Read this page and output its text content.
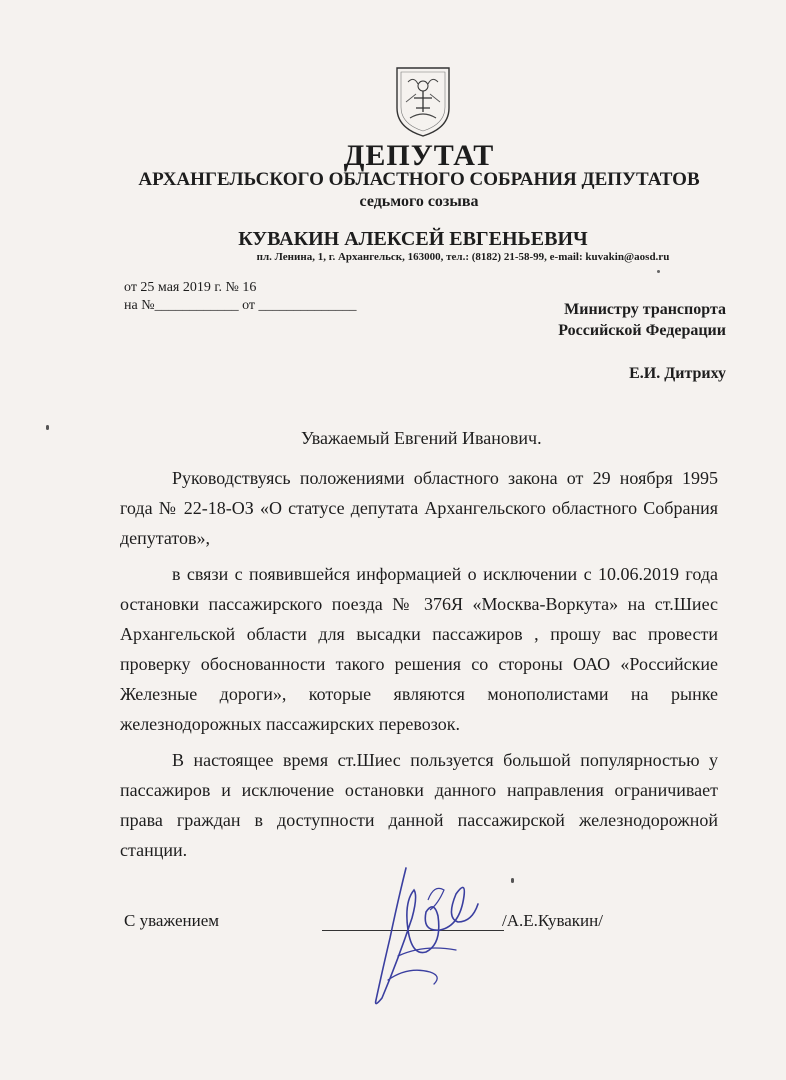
ДЕПУТАТ
АРХАНГЕЛЬСКОГО ОБЛАСТНОГО СОБРАНИЯ ДЕПУТАТОВ
седьмого созыва
КУВАКИН АЛЕКСЕЙ ЕВГЕНЬЕВИЧ
пл. Ленина, 1, г. Архангельск, 163000, тел.: (8182) 21-58-99, e-mail: kuvakin@aosd.ru
от 25 мая 2019 г. № 16
на №____________ от ______________	Министру транспорта
Российской Федерации
Е.И. Дитриху
Уважаемый Евгений Иванович.

Руководствуясь положениями областного закона от 29 ноября 1995 года № 22-18-ОЗ «О статусе депутата Архангельского областного Собрания депутатов»,

в связи с появившейся информацией о исключении с 10.06.2019 года остановки пассажирского поезда № 376Я «Москва-Воркута» на ст.Шиес Архангельской области для высадки пассажиров , прошу вас провести проверку обоснованности такого решения со стороны ОАО «Российские Железные дороги», которые являются монополистами на рынке железнодорожных пассажирских перевозок.

В настоящее время ст.Шиес пользуется большой популярностью у пассажиров и исключение остановки данного направления ограничивает права граждан в доступности данной пассажирской железнодорожной станции.

С уважением	/А.Е.Кувакин/
